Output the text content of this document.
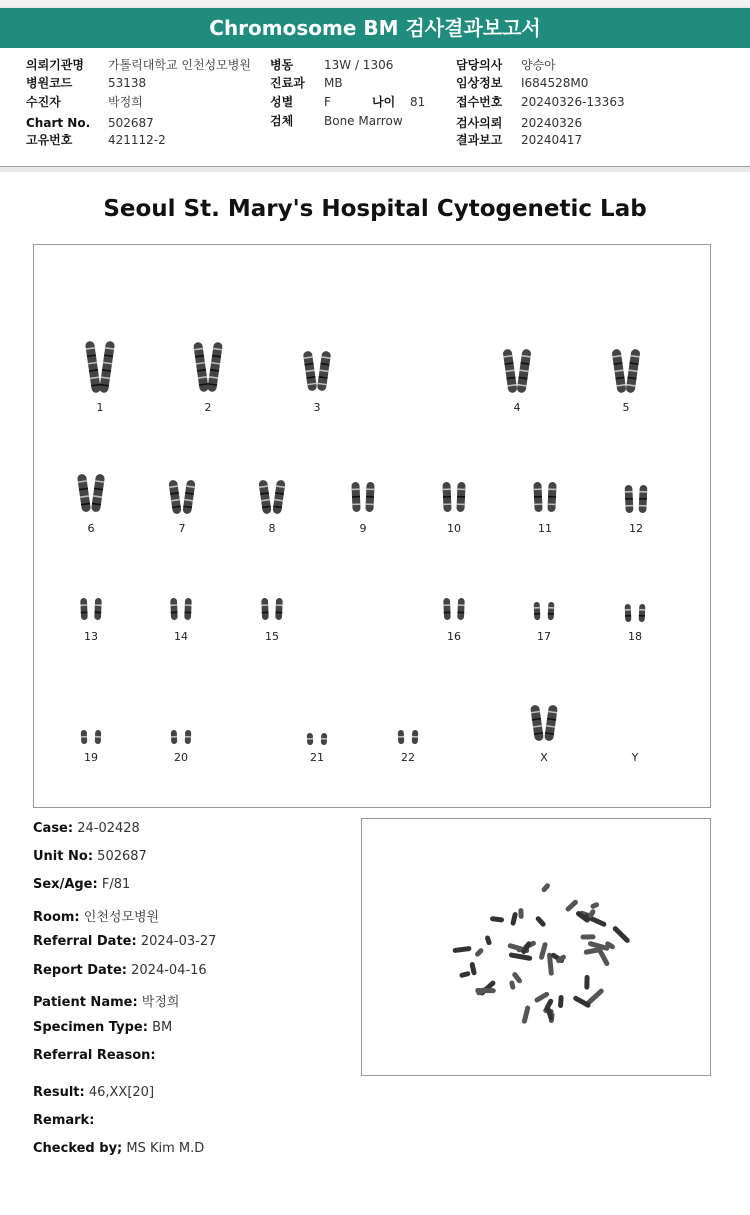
Chromosome BM 검사결과보고서
의뢰기관명 가톨릭대학교 인천성모병원
병원코드	53138
수진자	박정희
Chart No. 502687
고유번호	421112-2
병동	13W / 1306
진료과 MB
성별	F	나이 81
검체	Bone Marrow
담당의사 양승아
임상정보 I684528M0
접수번호 20240326-13363
검사의뢰 20240326
결과보고 20240417
Seoul St. Mary's Hospital Cytogenetic Lab
1	2	3	4	5
6	7	8	9	10	11	12
13	14	15	16	17	18
19	20	21	22	X	Y
Case: 24-02428
Unit No: 502687
Sex/Age: F/81
Room: 인천성모병원
Referral Date: 2024-03-27
Report Date: 2024-04-16
Patient Name: 박정희
Specimen Type: BM
Referral Reason:
Result: 46,XX[20]
Remark:
Checked by; MS Kim M.D
